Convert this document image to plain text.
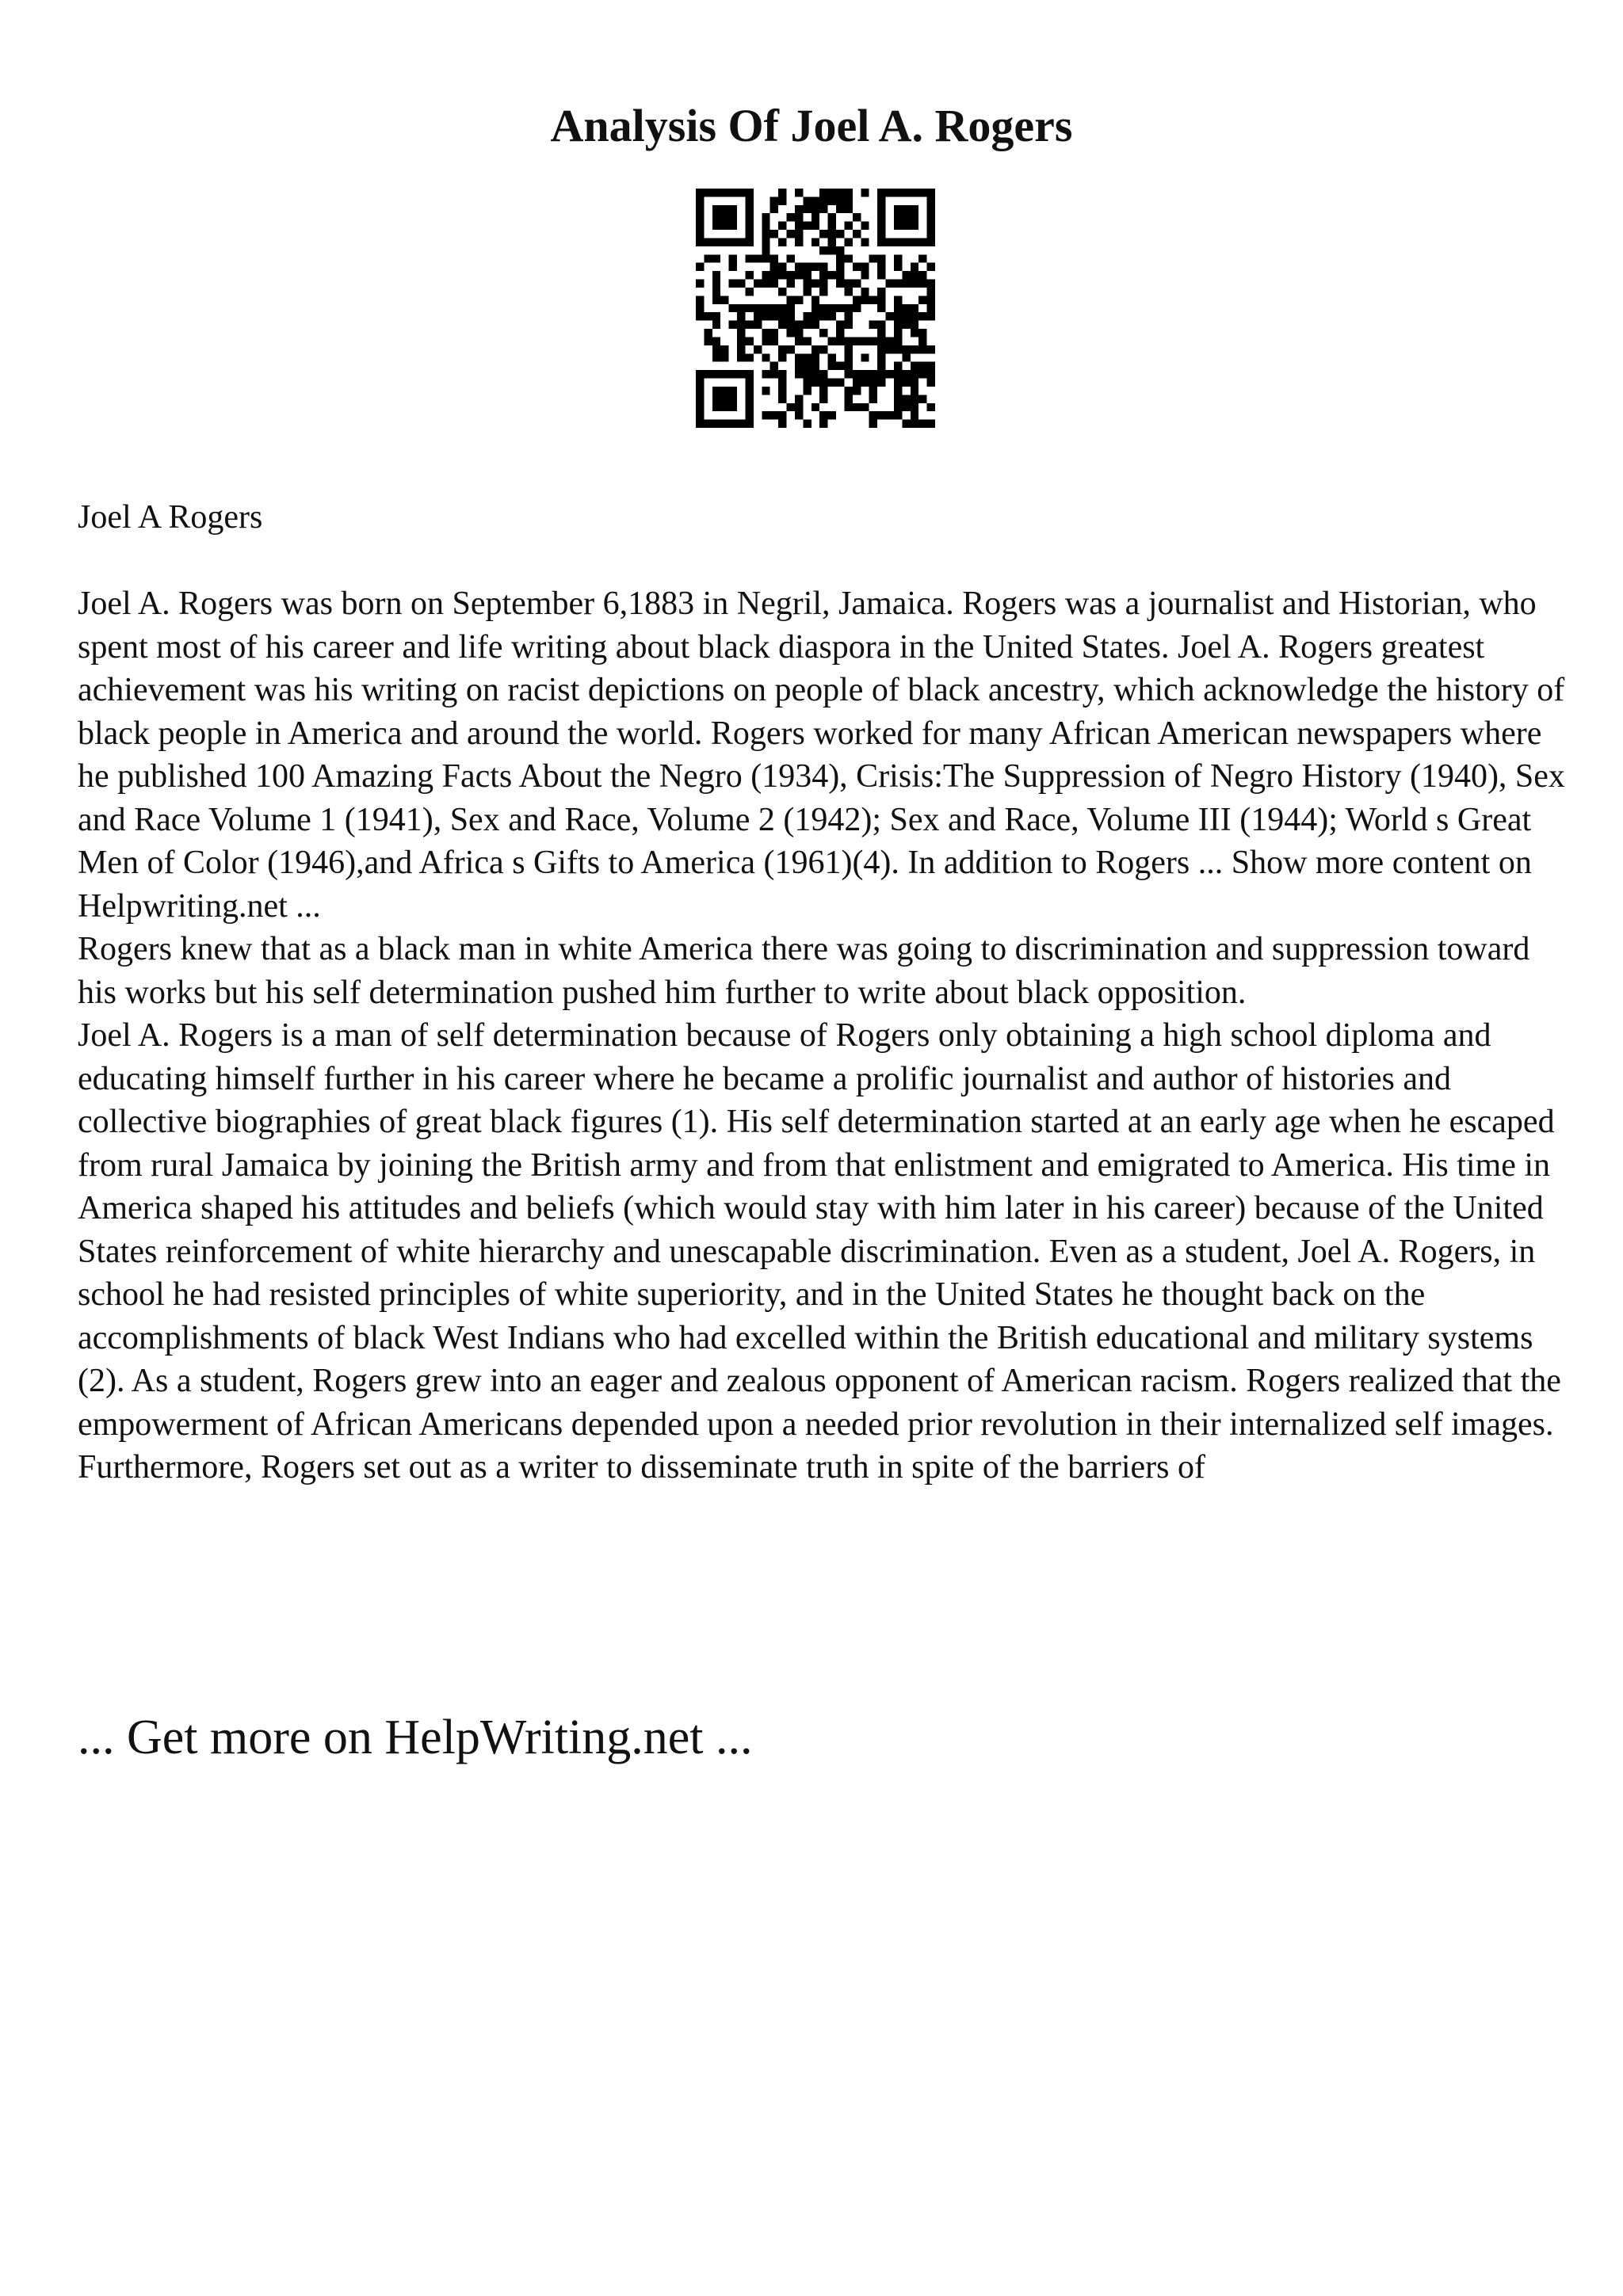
Analysis Of Joel A. Rogers

Joel A Rogers

Joel A. Rogers was born on September 6,1883 in Negril, Jamaica. Rogers was a journalist and Historian, who spent most of his career and life writing about black diaspora in the United States. Joel A. Rogers greatest achievement was his writing on racist depictions on people of black ancestry, which acknowledge the history of black people in America and around the world. Rogers worked for many African American newspapers where he published 100 Amazing Facts About the Negro (1934), Crisis:The Suppression of Negro History (1940), Sex and Race Volume 1 (1941), Sex and Race, Volume 2 (1942); Sex and Race, Volume III (1944); World s Great Men of Color (1946),and Africa s Gifts to America (1961)(4). In addition to Rogers ... Show more content on Helpwriting.net ...

Rogers knew that as a black man in white America there was going to discrimination and suppression toward his works but his self determination pushed him further to write about black opposition.

Joel A. Rogers is a man of self determination because of Rogers only obtaining a high school diploma and educating himself further in his career where he became a prolific journalist and author of histories and collective biographies of great black figures (1). His self determination started at an early age when he escaped from rural Jamaica by joining the British army and from that enlistment and emigrated to America. His time in America shaped his attitudes and beliefs (which would stay with him later in his career) because of the United States reinforcement of white hierarchy and unescapable discrimination. Even as a student, Joel A. Rogers, in school he had resisted principles of white superiority, and in the United States he thought back on the accomplishments of black West Indians who had excelled within the British educational and military systems (2). As a student, Rogers grew into an eager and zealous opponent of American racism. Rogers realized that the empowerment of African Americans depended upon a needed prior revolution in their internalized self images. Furthermore, Rogers set out as a writer to disseminate truth in spite of the barriers of

... Get more on HelpWriting.net ...
